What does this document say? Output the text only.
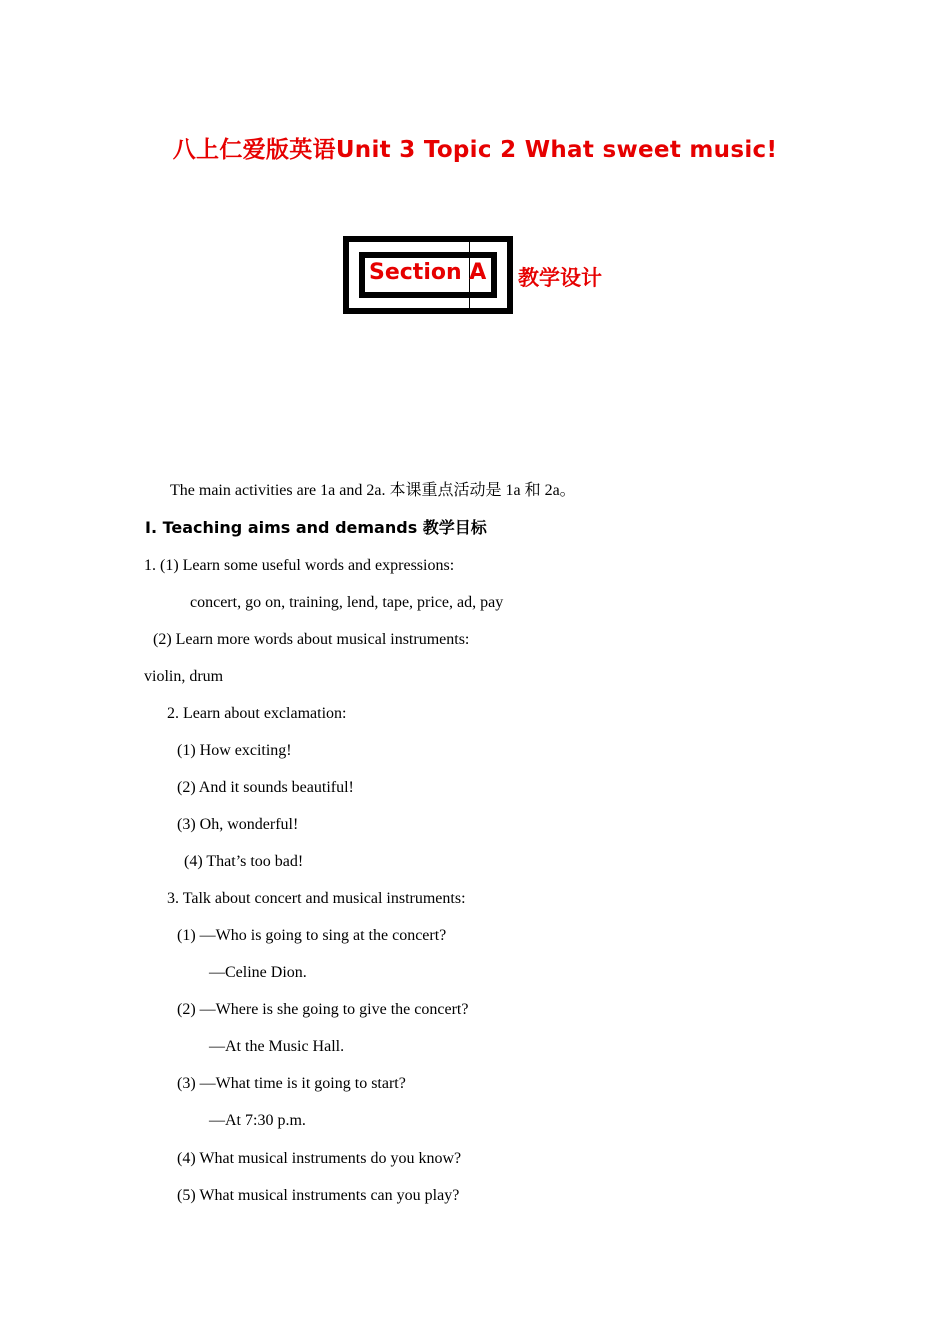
八上仁爱版英语Unit 3 Topic 2 What sweet music!
Section A 教学设计
The main activities are 1a and 2a. 本课重点活动是 1a 和 2a。
Ⅰ. Teaching aims and demands 教学目标
1. (1) Learn some useful words and expressions:
concert, go on, training, lend, tape, price, ad, pay
(2) Learn more words about musical instruments:
violin, drum
2. Learn about exclamation:
(1) How exciting!
(2) And it sounds beautiful!
(3) Oh, wonderful!
(4) That’s too bad!
3. Talk about concert and musical instruments:
(1) —Who is going to sing at the concert?
—Celine Dion.
(2) —Where is she going to give the concert?
—At the Music Hall.
(3) —What time is it going to start?
—At 7:30 p.m.
(4) What musical instruments do you know?
(5) What musical instruments can you play?
